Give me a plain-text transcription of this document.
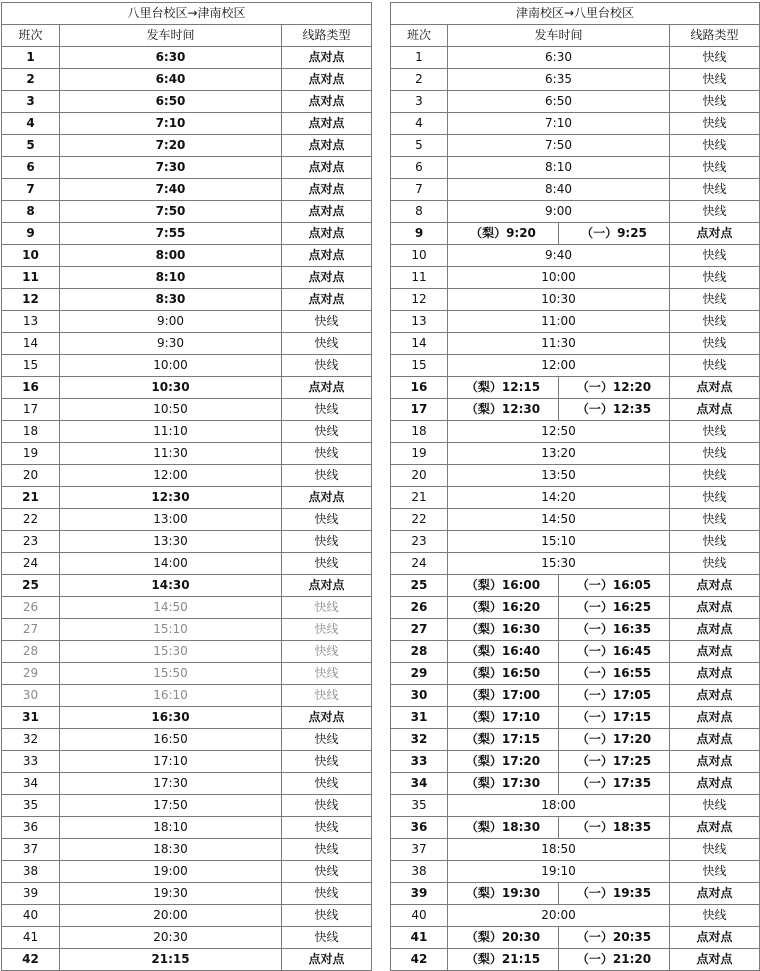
八里台校区→津南校区		
班次	发车时间	线路类型
1	6:30	点对点
2	6:40	点对点
3	6:50	点对点
4	7:10	点对点
5	7:20	点对点
6	7:30	点对点
7	7:40	点对点
8	7:50	点对点
9	7:55	点对点
10	8:00	点对点
11	8:10	点对点
12	8:30	点对点
13	9:00	快线
14	9:30	快线
15	10:00	快线
16	10:30	点对点
17	10:50	快线
18	11:10	快线
19	11:30	快线
20	12:00	快线
21	12:30	点对点
22	13:00	快线
23	13:30	快线
24	14:00	快线
25	14:30	点对点
26	14:50	快线
27	15:10	快线
28	15:30	快线
29	15:50	快线
30	16:10	快线
31	16:30	点对点
32	16:50	快线
33	17:10	快线
34	17:30	快线
35	17:50	快线
36	18:10	快线
37	18:30	快线
38	19:00	快线
39	19:30	快线
40	20:00	快线
41	20:30	快线
42	21:15	点对点
津南校区→八里台校区			
班次	发车时间		线路类型
1	6:30		快线
2	6:35		快线
3	6:50		快线
4	7:10		快线
5	7:50		快线
6	8:10		快线
7	8:40		快线
8	9:00		快线
9	（梨）9:20	（一）9:25	点对点
10	9:40		快线
11	10:00		快线
12	10:30		快线
13	11:00		快线
14	11:30		快线
15	12:00		快线
16	（梨）12:15	（一）12:20	点对点
17	（梨）12:30	（一）12:35	点对点
18	12:50		快线
19	13:20		快线
20	13:50		快线
21	14:20		快线
22	14:50		快线
23	15:10		快线
24	15:30		快线
25	（梨）16:00	（一）16:05	点对点
26	（梨）16:20	（一）16:25	点对点
27	（梨）16:30	（一）16:35	点对点
28	（梨）16:40	（一）16:45	点对点
29	（梨）16:50	（一）16:55	点对点
30	（梨）17:00	（一）17:05	点对点
31	（梨）17:10	（一）17:15	点对点
32	（梨）17:15	（一）17:20	点对点
33	（梨）17:20	（一）17:25	点对点
34	（梨）17:30	（一）17:35	点对点
35	18:00		快线
36	（梨）18:30	（一）18:35	点对点
37	18:50		快线
38	19:10		快线
39	（梨）19:30	（一）19:35	点对点
40	20:00		快线
41	（梨）20:30	（一）20:35	点对点
42	（梨）21:15	（一）21:20	点对点
